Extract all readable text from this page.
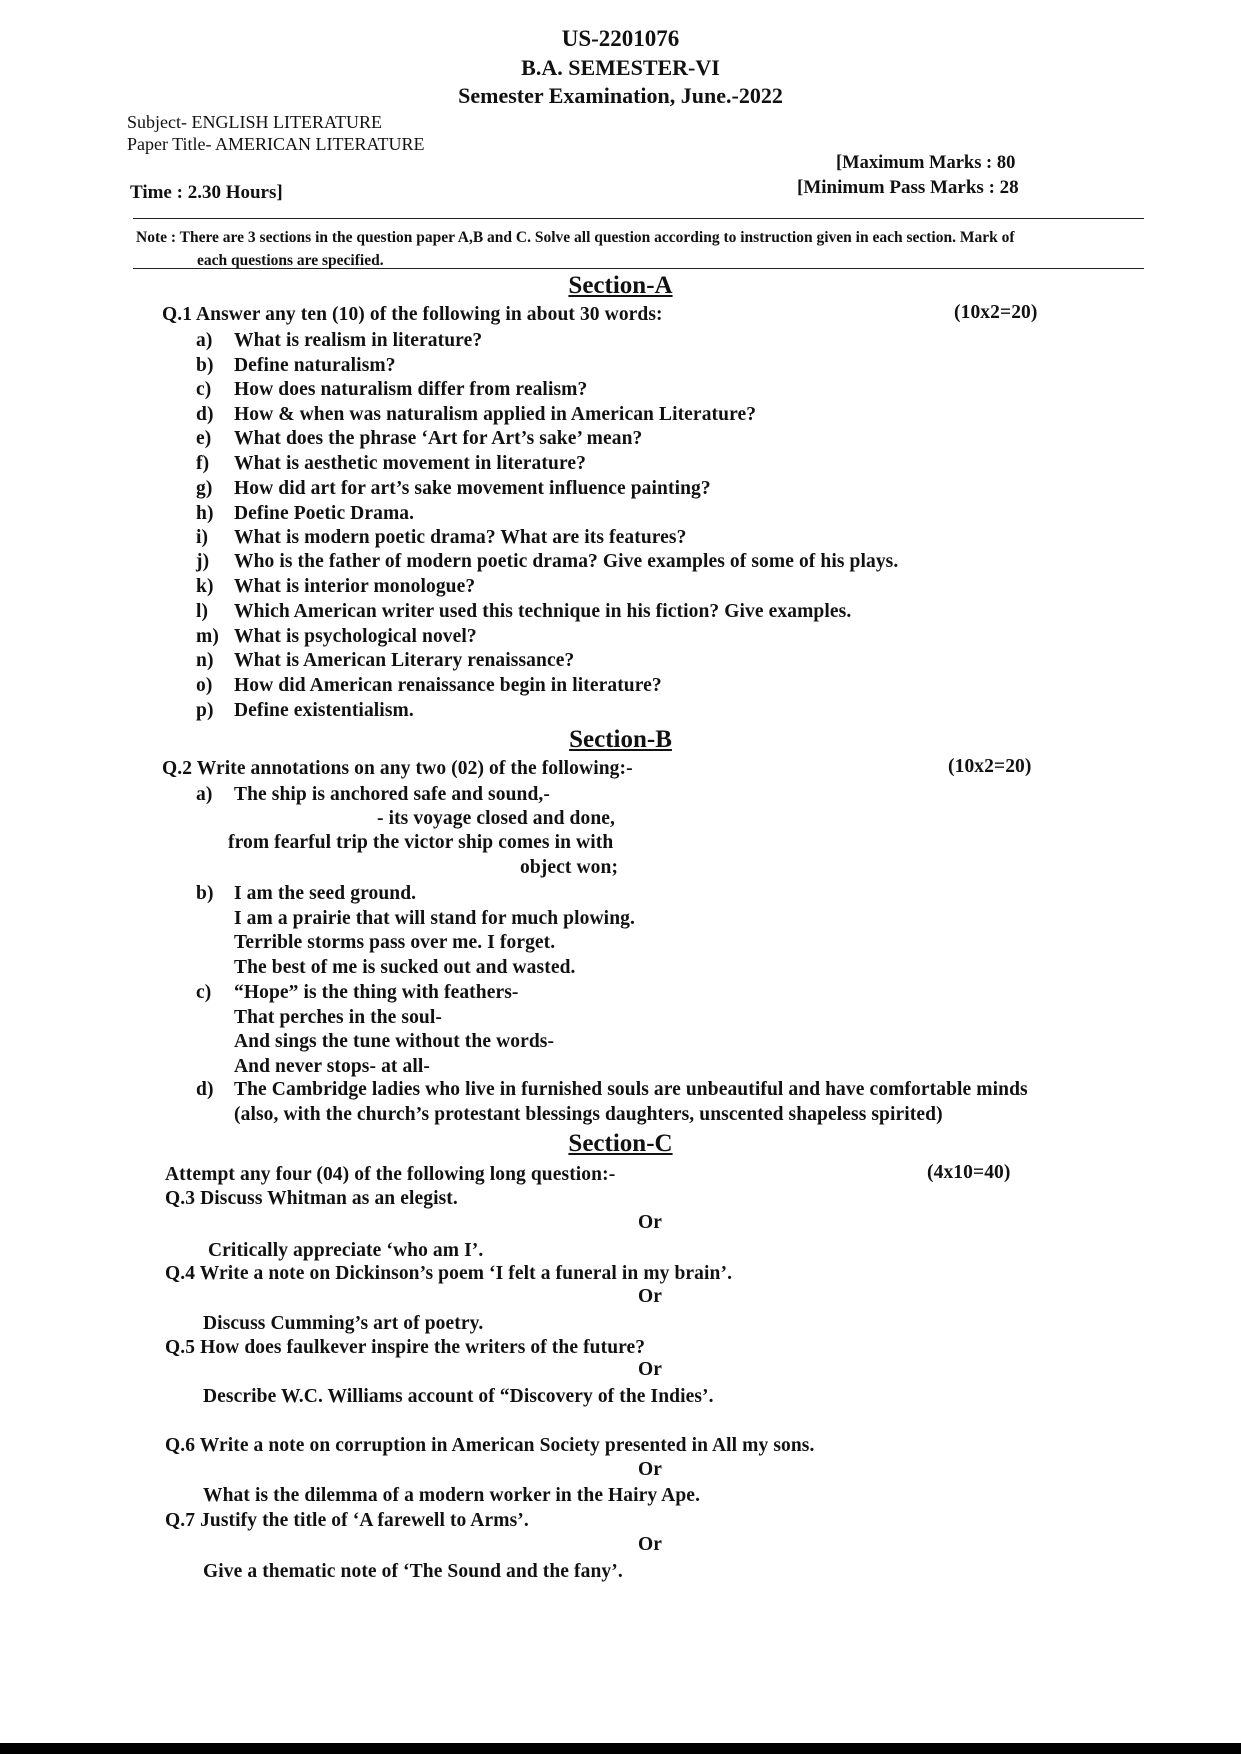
US-2201076
B.A. SEMESTER-VI
Semester Examination, June.-2022
Subject- ENGLISH LITERATURE
Paper Title- AMERICAN LITERATURE
[Maximum Marks : 80
[Minimum Pass Marks : 28
Time : 2.30 Hours]
Note : There are 3 sections in the question paper A,B and C. Solve all question according to instruction given in each section. Mark of
each questions are specified.
Section-A
Q.1 Answer any ten (10) of the following in about 30 words:	(10x2=20)
a) What is realism in literature?
b) Define naturalism?
c) How does naturalism differ from realism?
d) How & when was naturalism applied in American Literature?
e) What does the phrase ‘Art for Art’s sake’ mean?
f) What is aesthetic movement in literature?
g) How did art for art’s sake movement influence painting?
h) Define Poetic Drama.
i) What is modern poetic drama? What are its features?
j) Who is the father of modern poetic drama? Give examples of some of his plays.
k) What is interior monologue?
l) Which American writer used this technique in his fiction? Give examples.
m) What is psychological novel?
n) What is American Literary renaissance?
o) How did American renaissance begin in literature?
p) Define existentialism.
Section-B
Q.2 Write annotations on any two (02) of the following:-	(10x2=20)
a) The ship is anchored safe and sound,-
- its voyage closed and done,
from fearful trip the victor ship comes in with
object won;
b) I am the seed ground.
I am a prairie that will stand for much plowing.
Terrible storms pass over me. I forget.
The best of me is sucked out and wasted.
c) “Hope” is the thing with feathers-
That perches in the soul-
And sings the tune without the words-
And never stops- at all-
d) The Cambridge ladies who live in furnished souls are unbeautiful and have comfortable minds
(also, with the church’s protestant blessings daughters, unscented shapeless spirited)
Section-C
Attempt any four (04) of the following long question:-	(4x10=40)
Q.3 Discuss Whitman as an elegist.
Or
Critically appreciate ‘who am I’.
Q.4 Write a note on Dickinson’s poem ‘I felt a funeral in my brain’.
Or
Discuss Cumming’s art of poetry.
Q.5 How does faulkever inspire the writers of the future?
Or
Describe W.C. Williams account of “Discovery of the Indies’.
Q.6 Write a note on corruption in American Society presented in All my sons.
Or
What is the dilemma of a modern worker in the Hairy Ape.
Q.7 Justify the title of ‘A farewell to Arms’.
Or
Give a thematic note of ‘The Sound and the fany’.
